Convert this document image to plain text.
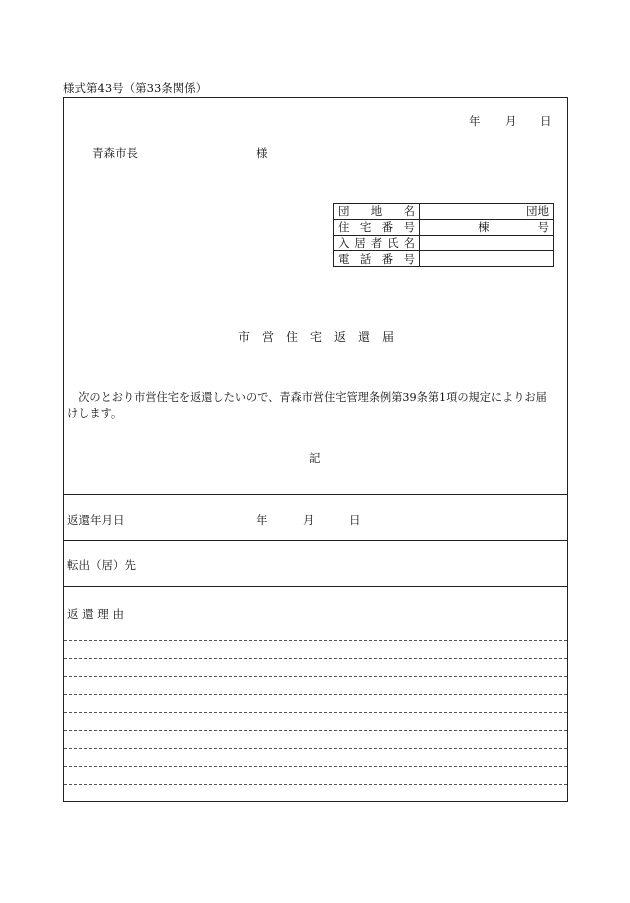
様式第43号（第33条関係）
年 月 日
青森市長	様
団 地 名	団地

住 宅 番 号	棟 号

入 居 者 氏 名	

電 話 番 号	

市　営　住　宅　返　還　届
　次のとおり市営住宅を返還したいので、青森市営住宅管理条例第39条第1項の規定によりお届
けします。
記
返還年月日	年	月	日
転出（居）先
返 還 理 由
